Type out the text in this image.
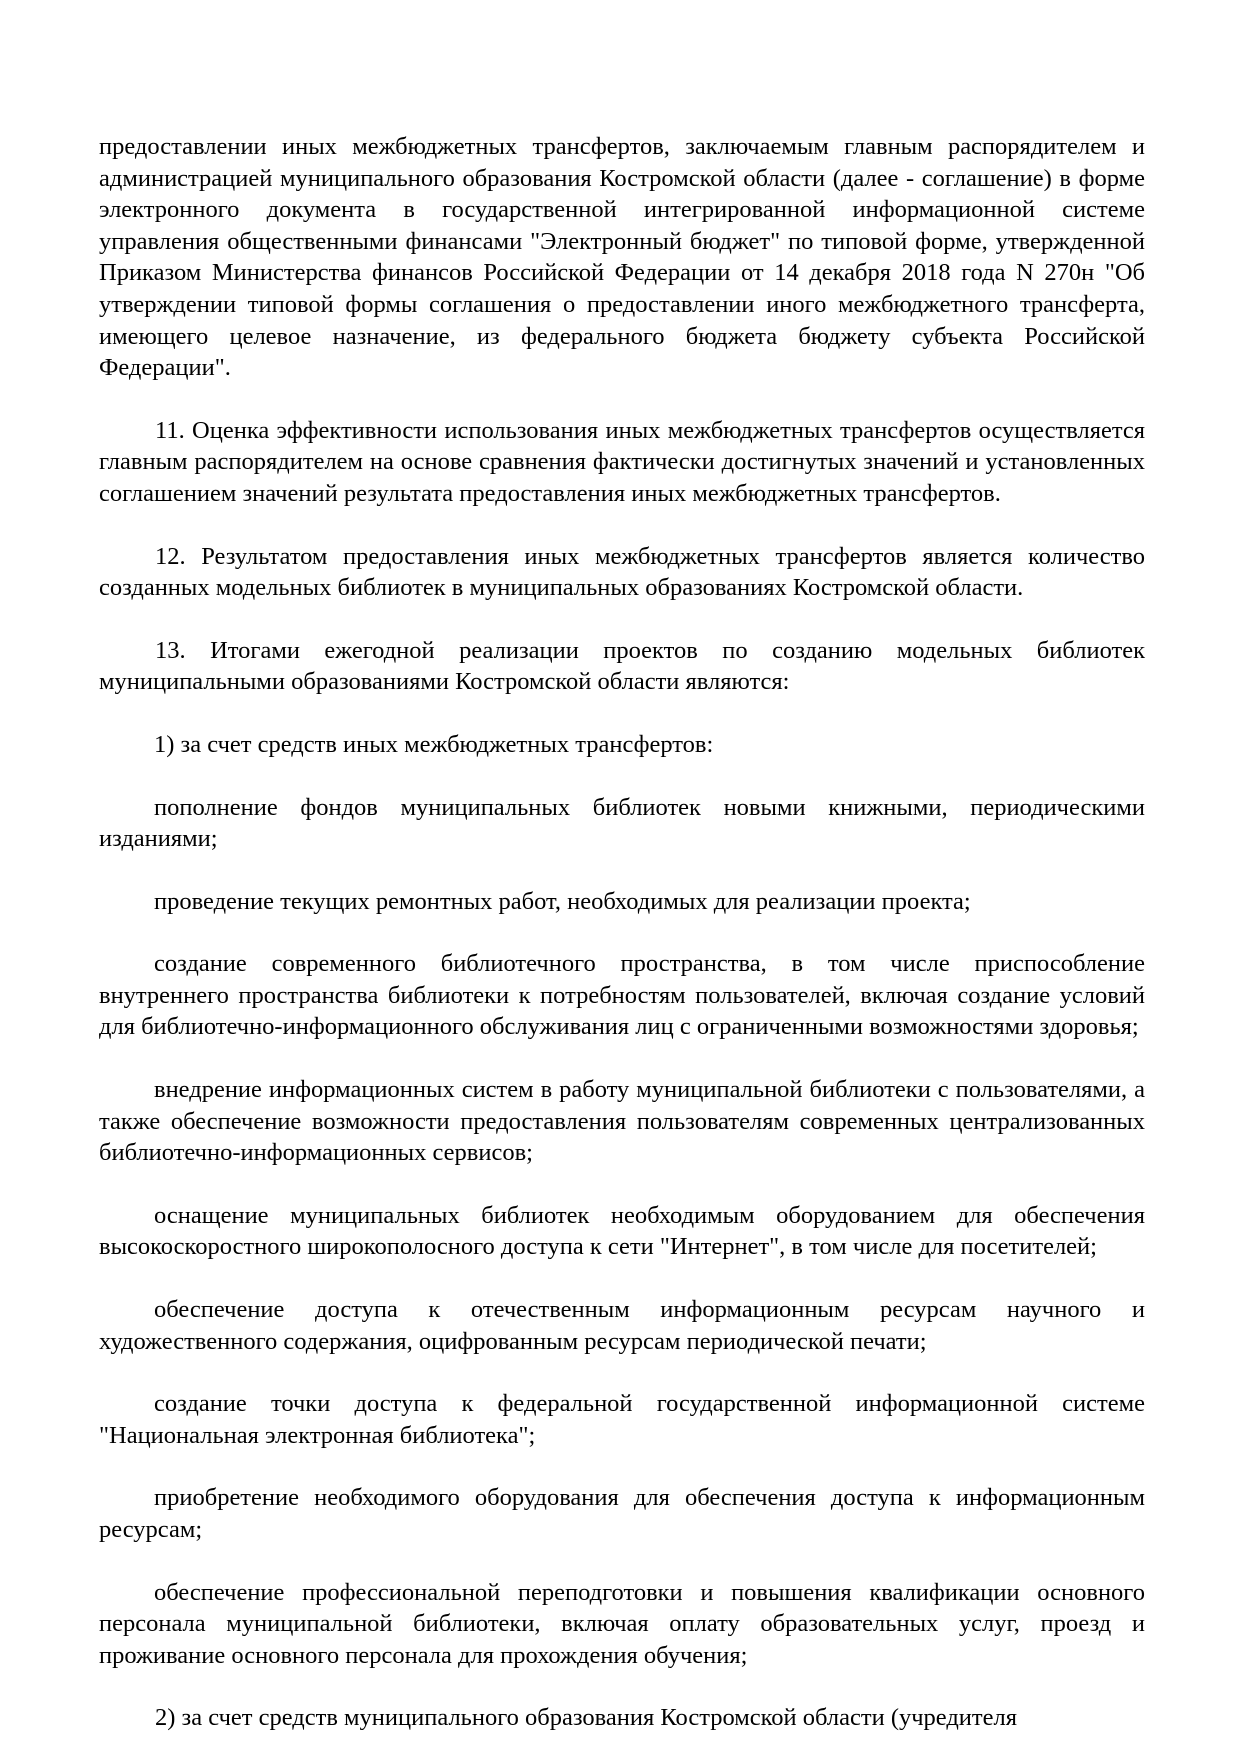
предоставлении иных межбюджетных трансфертов, заключаемым главным распорядителем и администрацией муниципального образования Костромской области (далее - соглашение) в форме электронного документа в государственной интегрированной информационной системе управления общественными финансами "Электронный бюджет" по типовой форме, утвержденной Приказом Министерства финансов Российской Федерации от 14 декабря 2018 года N 270н "Об утверждении типовой формы соглашения о предоставлении иного межбюджетного трансферта, имеющего целевое назначение, из федерального бюджета бюджету субъекта Российской Федерации".

11. Оценка эффективности использования иных межбюджетных трансфертов осуществляется главным распорядителем на основе сравнения фактически достигнутых значений и установленных соглашением значений результата предоставления иных межбюджетных трансфертов.

12. Результатом предоставления иных межбюджетных трансфертов является количество созданных модельных библиотек в муниципальных образованиях Костромской области.

13. Итогами ежегодной реализации проектов по созданию модельных библиотек муниципальными образованиями Костромской области являются:

1) за счет средств иных межбюджетных трансфертов:

пополнение фондов муниципальных библиотек новыми книжными, периодическими изданиями;

проведение текущих ремонтных работ, необходимых для реализации проекта;

создание современного библиотечного пространства, в том числе приспособление внутреннего пространства библиотеки к потребностям пользователей, включая создание условий для библиотечно-информационного обслуживания лиц с ограниченными возможностями здоровья;

внедрение информационных систем в работу муниципальной библиотеки с пользователями, а также обеспечение возможности предоставления пользователям современных централизованных библиотечно-информационных сервисов;

оснащение муниципальных библиотек необходимым оборудованием для обеспечения высокоскоростного широкополосного доступа к сети "Интернет", в том числе для посетителей;

обеспечение доступа к отечественным информационным ресурсам научного и художественного содержания, оцифрованным ресурсам периодической печати;

создание точки доступа к федеральной государственной информационной системе "Национальная электронная библиотека";

приобретение необходимого оборудования для обеспечения доступа к информационным ресурсам;

обеспечение профессиональной переподготовки и повышения квалификации основного персонала муниципальной библиотеки, включая оплату образовательных услуг, проезд и проживание основного персонала для прохождения обучения;

2) за счет средств муниципального образования Костромской области (учредителя
